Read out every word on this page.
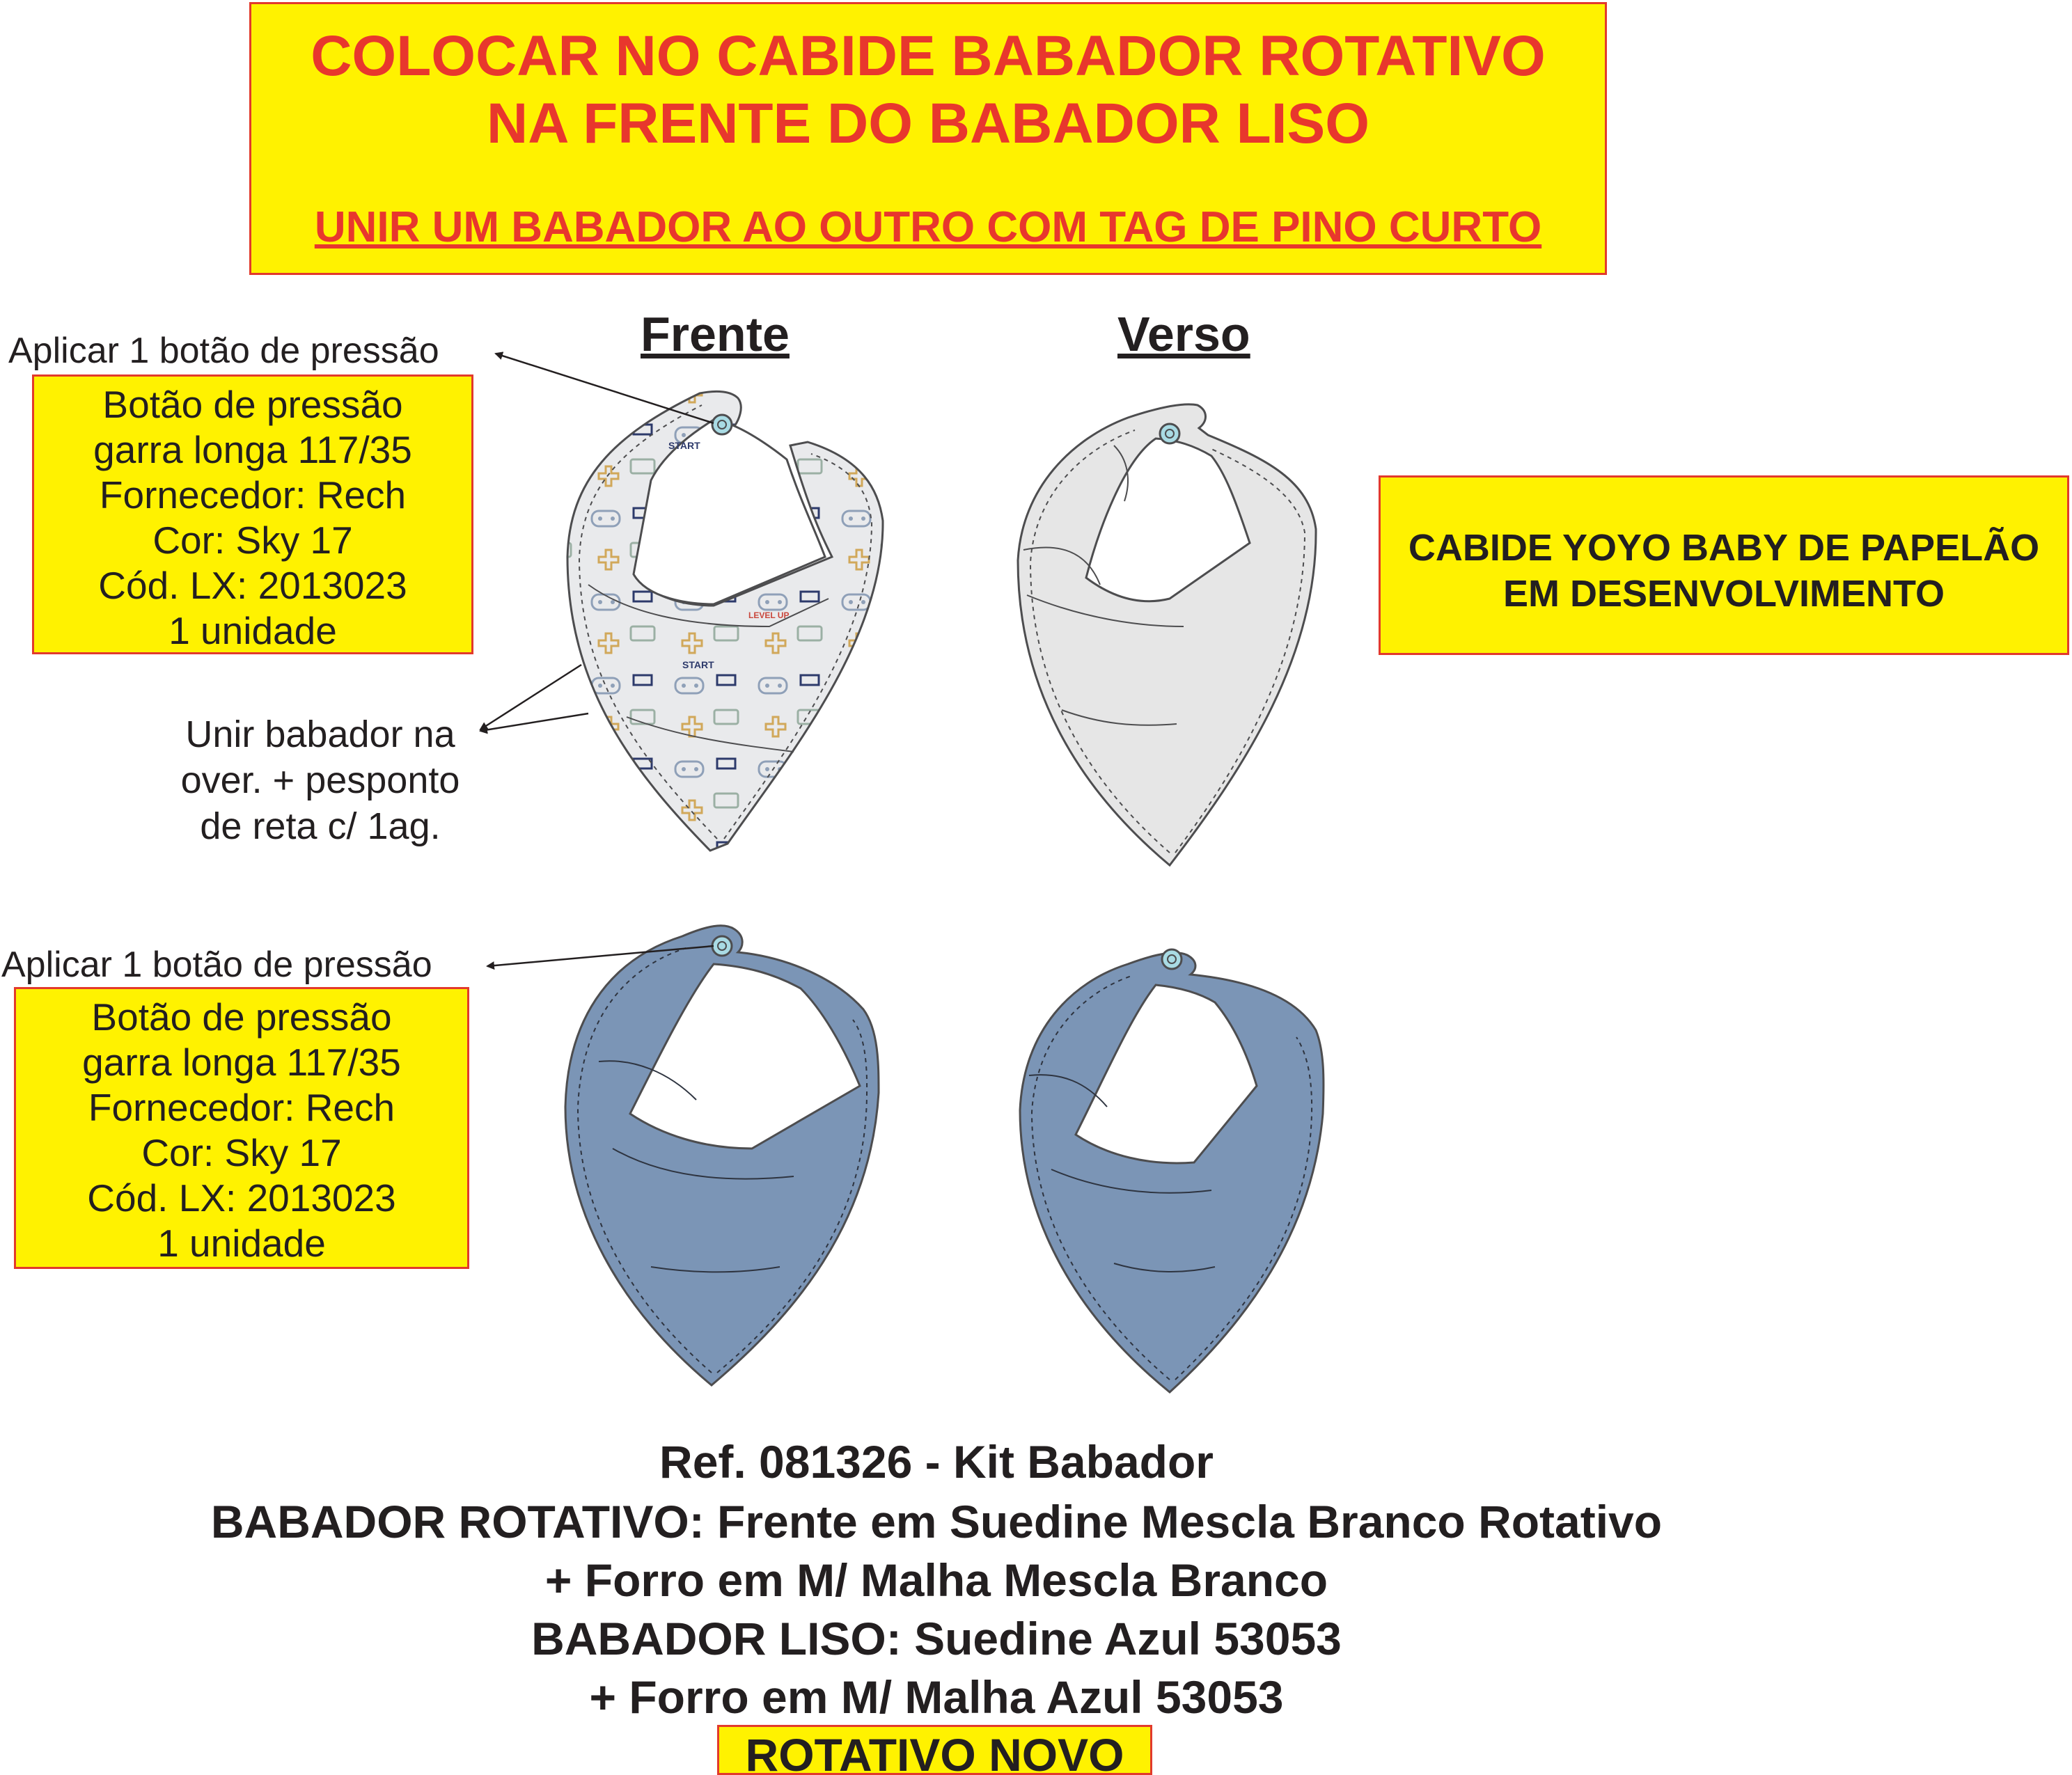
COLOCAR NO CABIDE BABADOR ROTATIVO
NA FRENTE DO BABADOR LISO
UNIR UM BABADOR AO OUTRO COM TAG DE PINO CURTO
Frente	Verso
Aplicar 1 botão de pressão
Botão de pressão
garra longa 117/35
Fornecedor: Rech
Cor: Sky 17
Cód. LX: 2013023
1 unidade
Unir babador na
over. + pesponto
de reta c/ 1ag.
CABIDE YOYO BABY DE PAPELÃO
EM DESENVOLVIMENTO
Aplicar 1 botão de pressão
Botão de pressão
garra longa 117/35
Fornecedor: Rech
Cor: Sky 17
Cód. LX: 2013023
1 unidade
START
START
LEVEL UP
Ref. 081326 - Kit Babador
BABADOR ROTATIVO: Frente em Suedine Mescla Branco Rotativo
+ Forro em M/ Malha Mescla Branco
BABADOR LISO: Suedine Azul 53053
+ Forro em M/ Malha Azul 53053
ROTATIVO NOVO
